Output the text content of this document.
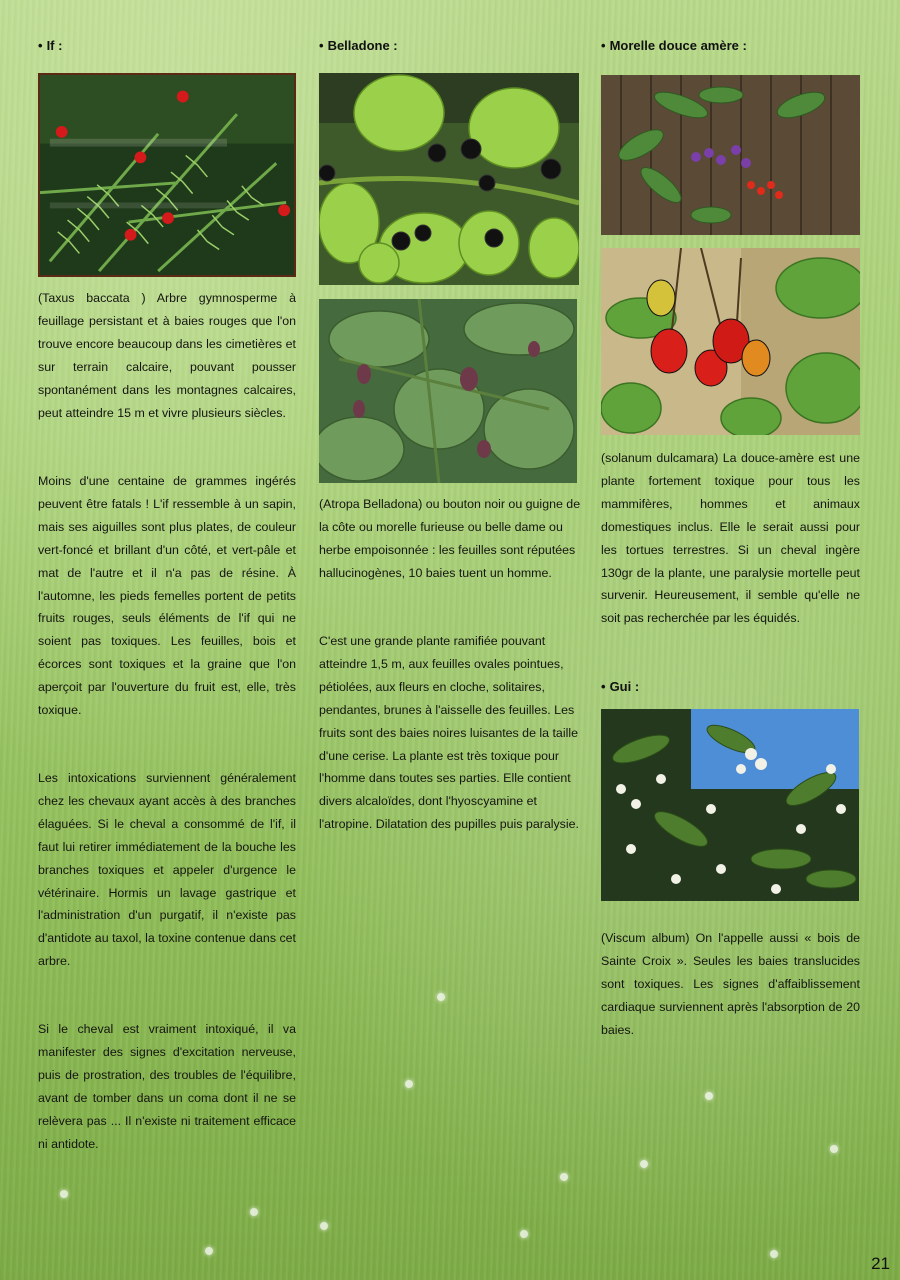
• If :

(Taxus baccata ) Arbre gymnosperme à feuillage persistant et à baies rouges que l'on trouve encore beaucoup dans les cimetières et sur terrain calcaire, pouvant pousser spontanément dans les montagnes calcaires, peut atteindre 15 m et vivre plusieurs siècles.

Moins d'une centaine de grammes ingérés peuvent être fatals ! L'if ressemble à un sapin, mais ses aiguilles sont plus plates, de couleur vert-foncé et brillant d'un côté, et vert-pâle et mat de l'autre et il n'a pas de résine. À l'automne, les pieds femelles portent de petits fruits rouges, seuls éléments de l'if qui ne soient pas toxiques. Les feuilles, bois et écorces sont toxiques et la graine que l'on aperçoit par l'ouverture du fruit est, elle, très toxique.

Les intoxications surviennent généralement chez les chevaux ayant accès à des branches élaguées. Si le cheval a consommé de l'if, il faut lui retirer immédiatement de la bouche les branches toxiques et appeler d'urgence le vétérinaire. Hormis un lavage gastrique et l'administration d'un purgatif, il n'existe pas d'antidote au taxol, la toxine contenue dans cet arbre.

Si le cheval est vraiment intoxiqué, il va manifester des signes d'excitation nerveuse, puis de prostration, des troubles de l'équilibre, avant de tomber dans un coma dont il ne se relèvera pas ... Il n'existe ni traitement efficace ni antidote.

• Belladone :

(Atropa Belladona) ou bouton noir ou guigne de la côte ou morelle furieuse ou belle dame ou herbe empoisonnée : les feuilles sont réputées hallucinogènes, 10 baies tuent un homme.

C'est une grande plante ramifiée pouvant atteindre 1,5 m, aux feuilles ovales pointues, pétiolées, aux fleurs en cloche, solitaires, pendantes, brunes à l'aisselle des feuilles. Les fruits sont des baies noires luisantes de la taille d'une cerise. La plante est très toxique pour l'homme dans toutes ses parties. Elle contient divers alcaloïdes, dont l'hyoscyamine et l'atropine. Dilatation des pupilles puis paralysie.

• Morelle douce amère :

(solanum dulcamara) La douce-amère est une plante fortement toxique pour tous les mammifères, hommes et animaux domestiques inclus. Elle le serait aussi pour les tortues terrestres. Si un cheval ingère 130gr de la plante, une paralysie mortelle peut survenir. Heureusement, il semble qu'elle ne soit pas recherchée par les équidés.

• Gui :

(Viscum album) On l'appelle aussi « bois de Sainte Croix ». Seules les baies translucides sont toxiques. Les signes d'affaiblissement cardiaque surviennent après l'absorption de 20 baies.

21
